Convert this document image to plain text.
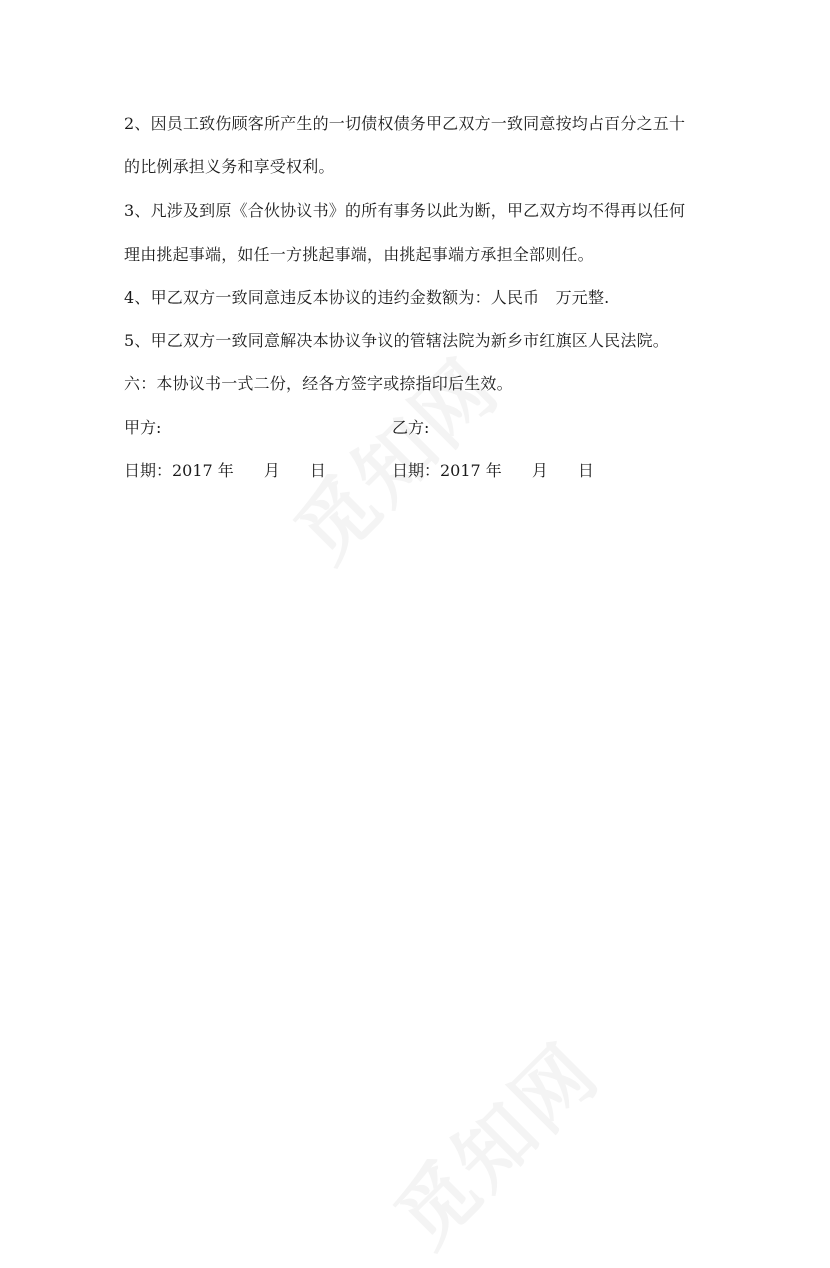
2、因员工致伤顾客所产生的一切债权债务甲乙双方一致同意按均占百分之五十
的比例承担义务和享受权利。
3、凡涉及到原《合伙协议书》的所有事务以此为断，甲乙双方均不得再以任何
理由挑起事端，如任一方挑起事端，由挑起事端方承担全部则任。
4、甲乙双方一致同意违反本协议的违约金数额为：人民币　万元整.
5、甲乙双方一致同意解决本协议争议的管辖法院为新乡市红旗区人民法院。
六：本协议书一式二份，经各方签字或捺指印后生效。
甲方:	乙方:
日期：2017 年 月 日	日期：2017 年 月 日
